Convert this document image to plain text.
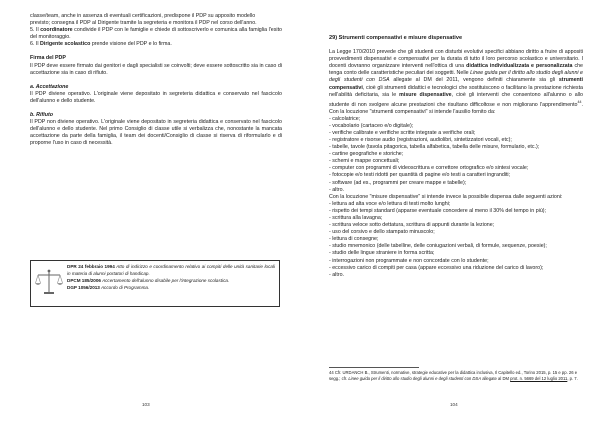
classe/team, anche in assenza di eventuali certificazioni, predispone il PDP su apposito modello

previsto; consegna il PDP al Dirigente tramite la segreteria e monitora il PDP nel corso dell'anno.

5. Il coordinatore condivide il PDP con le famiglie e chiede di sottoscriverlo e comunica alla famiglia l'esito del monitoraggio.

6. Il Dirigente scolastico prende visione del PDP e lo firma.

Firma del PDP

Il PDP deve essere firmato dai genitori e dagli specialisti se coinvolti; deve essere sottoscritto sia in caso di accettazione sia in caso di rifiuto.

a. Accettazione

Il PDP diviene operativo. L'originale viene depositato in segreteria didattica e conservato nel fascicolo dell'alunno e dello studente.

b. Rifiuto

Il PDP non diviene operativo. L'originale viene depositato in segreteria didattica e conservato nel fascicolo dell'alunno e dello studente. Nel primo Consiglio di classe utile si verbalizza che, nonostante la mancata accettazione da parte della famiglia, il team dei docenti/Consiglio di classe si riserva di riformularlo e di proporne l'uso in caso di necessità.

DPR 24 febbraio 1994 Atto di indirizzo e coordinamento relativo ai compiti delle unità sanitarie locali in materia di alunni portatori di handicap.

DPCM 185/2006 Accertamento dell'alunno disabile per l'integrazione scolastica.

DGP 1056/2013 Accordo di Programma.

103
29) Strumenti compensativi e misure dispensative

La Legge 170/2010 prevede che gli studenti con disturbi evolutivi specifici abbiano diritto a fruire di appositi provvedimenti dispensativi e compensativi per la durata di tutto il loro percorso scolastico e universitario. I docenti dovranno organizzare interventi nell'ottica di una didattica individualizzata e personalizzata che tenga conto delle caratteristiche peculiari dei soggetti. Nelle Linee guida per il diritto allo studio degli alunni e degli studenti con DSA allegate al DM del 2011, vengono definiti chiaramente sia gli strumenti compensativi, cioè gli strumenti didattici e tecnologici che sostituiscono o facilitano la prestazione richiesta nell'abilità deficitaria, sia le misure dispensative, cioè gli interventi che consentono all'alunno o allo studente di non svolgere alcune prestazioni che risultano difficoltose e non migliorano l'apprendimento$^{44}$. Con la locuzione "strumenti compensativi" si intende l'ausilio fornito da:

- calcolatrice;
- vocabolario (cartaceo e/o digitale);
- verifiche calibrate e verifiche scritte integrate a verifiche orali;
- registratore e risorse audio (registrazioni, audiolibri, sintetizzatori vocali, etc);
- tabelle, tavole (tavola pitagorica, tabella alfabetica, tabella delle misure, formulario, etc.);
- cartine geografiche e storiche;
- schemi e mappe concettuali;
- computer con programmi di videoscrittura e correttore ortografico e/o sintesi vocale;
- fotocopie e/o testi ridotti per quantità di pagine e/o testi a caratteri ingranditi;
- software (ad es., programmi per creare mappe e tabelle);
- altro.

Con la locuzione "misure dispensative" si intende invece la possibile dispensa dalle seguenti azioni:

- lettura ad alta voce e/o lettura di testi molto lunghi;
- rispetto dei tempi standard (apparse eventuale concedere al meno il 30% del tempo in più);
- scrittura alla lavagna;
- scrittura veloce sotto dettatura, scrittura di appunti durante la lezione;
- uso del corsivo e dello stampato minuscolo;
- lettura di consegne;
- studio mnemonico (delle tabelline, delle coniugazioni verbali, di formule, sequenze, poesie);
- studio delle lingue straniere in forma scritta;
- interrogazioni non programmate e non concordate con lo studente;
- eccessivo carico di compiti per casa (appare eccessivo una riduzione del carico di lavoro);
- altro.
44 Cfr. URDANCH B., Strumenti, normative, strategie educative per la didattica inclusiva, Il Capitello ed., Torino 2015, p. 15 e pp. 26 e segg.; cfr. Linee guida per il diritto allo studio degli alunni e degli studenti con DSA allegate al DM prot. n. 5669 del 12 luglio 2011, p. 7.
104
